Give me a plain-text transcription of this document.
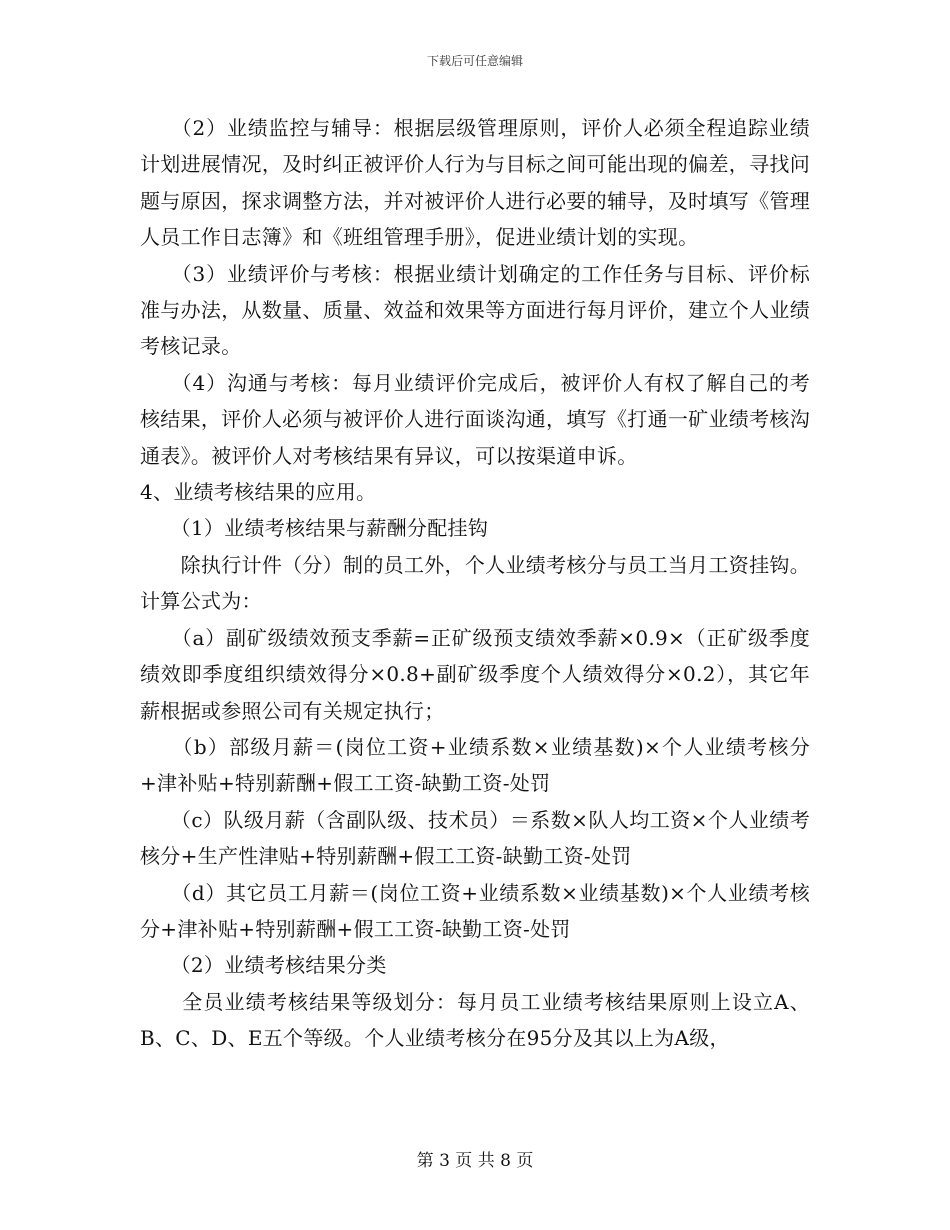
下载后可任意编辑

　　（2）业绩监控与辅导：根据层级管理原则，评价人必须全程追踪业绩计划进展情况，及时纠正被评价人行为与目标之间可能出现的偏差，寻找问题与原因，探求调整方法，并对被评价人进行必要的辅导，及时填写《管理人员工作日志簿》和《班组管理手册》，促进业绩计划的实现。

　　（3）业绩评价与考核：根据业绩计划确定的工作任务与目标、评价标准与办法，从数量、质量、效益和效果等方面进行每月评价，建立个人业绩考核记录。

　　（4）沟通与考核：每月业绩评价完成后，被评价人有权了解自己的考核结果，评价人必须与被评价人进行面谈沟通，填写《打通一矿业绩考核沟通表》。被评价人对考核结果有异议，可以按渠道申诉。

4、业绩考核结果的应用。

　　（1）业绩考核结果与薪酬分配挂钩

　　除执行计件（分）制的员工外，个人业绩考核分与员工当月工资挂钩。计算公式为：

　　（a）副矿级绩效预支季薪=正矿级预支绩效季薪×0.9×（正矿级季度绩效即季度组织绩效得分×0.8+副矿级季度个人绩效得分×0.2），其它年薪根据或参照公司有关规定执行；

　　（b）部级月薪＝(岗位工资+业绩系数×业绩基数)×个人业绩考核分+津补贴+特别薪酬+假工工资-缺勤工资-处罚

　　（c）队级月薪（含副队级、技术员）＝系数×队人均工资×个人业绩考核分+生产性津贴+特别薪酬+假工工资-缺勤工资-处罚

　　（d）其它员工月薪＝(岗位工资+业绩系数×业绩基数)×个人业绩考核分+津补贴+特别薪酬+假工工资-缺勤工资-处罚

　　（2）业绩考核结果分类

　　全员业绩考核结果等级划分：每月员工业绩考核结果原则上设立A、B、C、D、E五个等级。个人业绩考核分在95分及其以上为A级，

第 3 页 共 8 页
